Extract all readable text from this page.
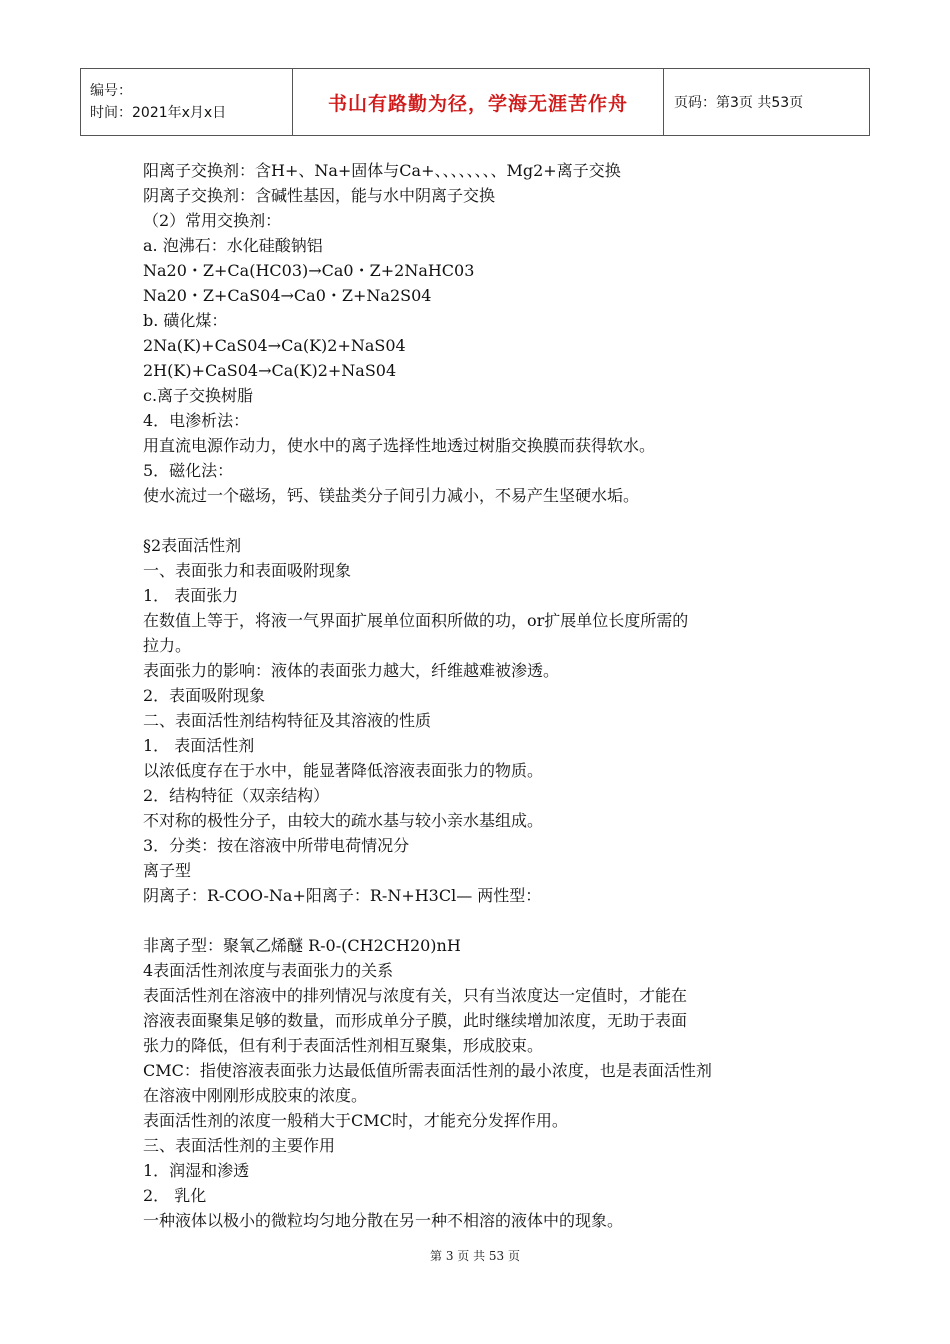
编号：
时间：2021年x月x日	书山有路勤为径，学海无涯苦作舟	页码：第3页 共53页
阳离子交换剂：含H+、Na+固体与Ca+、、、、、、、、Mg2+离子交换
阴离子交换剂：含碱性基因，能与水中阴离子交换
（2）常用交换剂：
a. 泡沸石：水化硅酸钠铝
Na20・Z+Ca(HC03)→Ca0・Z+2NaHC03
Na20・Z+CaS04→Ca0・Z+Na2S04
b. 磺化煤：
2Na(K)+CaS04→Ca(K)2+NaS04
2H(K)+CaS04→Ca(K)2+NaS04
c.离子交换树脂
4．电渗析法：
用直流电源作动力，使水中的离子选择性地透过树脂交换膜而获得软水。
5．磁化法：
使水流过一个磁场，钙、镁盐类分子间引力减小，不易产生坚硬水垢。
§2表面活性剂
一、表面张力和表面吸附现象
1． 表面张力
在数值上等于，将液一气界面扩展单位面积所做的功，or扩展单位长度所需的
拉力。
表面张力的影响：液体的表面张力越大，纤维越难被渗透。
2．表面吸附现象
二、表面活性剂结构特征及其溶液的性质
1． 表面活性剂
以浓低度存在于水中，能显著降低溶液表面张力的物质。
2．结构特征（双亲结构）
不对称的极性分子，由较大的疏水基与较小亲水基组成。
3．分类：按在溶液中所带电荷情况分
离子型
阴离子：R-COO-Na+阳离子：R-N+H3Cl— 两性型：
非离子型：聚氧乙烯醚 R-0-(CH2CH20)nH
4表面活性剂浓度与表面张力的关系
表面活性剂在溶液中的排列情况与浓度有关，只有当浓度达一定值时，才能在
溶液表面聚集足够的数量，而形成单分子膜，此时继续增加浓度，无助于表面
张力的降低，但有利于表面活性剂相互聚集，形成胶束。
CMC：指使溶液表面张力达最低值所需表面活性剂的最小浓度，也是表面活性剂
在溶液中刚刚形成胶束的浓度。
表面活性剂的浓度一般稍大于CMC时，才能充分发挥作用。
三、表面活性剂的主要作用
1．润湿和渗透
2． 乳化
一种液体以极小的微粒均匀地分散在另一种不相溶的液体中的现象。
第 3 页 共 53 页
